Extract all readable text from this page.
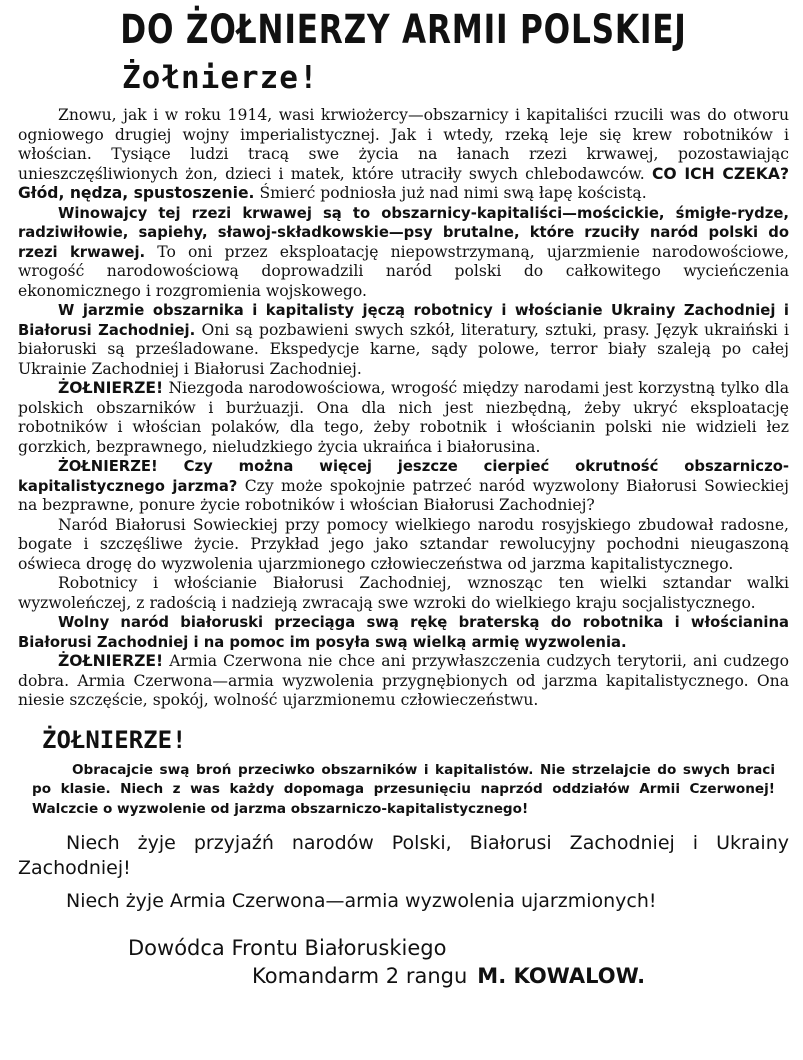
DO ŻOŁNIERZY ARMII POLSKIEJ
Żołnierze!

Znowu, jak i w roku 1914, wasi krwiożercy—obszarnicy i kapitaliści rzucili was do otworu ogniowego drugiej wojny imperialistycznej. Jak i wtedy, rzeką leje się krew robotników i włościan. Tysiące ludzi tracą swe życia na łanach rzezi krwawej, pozostawiając unieszczęśliwionych żon, dzieci i matek, które utraciły swych chlebodawców. CO ICH CZEKA? Głód, nędza, spustoszenie. Śmierć podniosła już nad nimi swą łapę kościstą.

Winowajcy tej rzezi krwawej są to obszarnicy-kapitaliści—mościckie, śmigłe-rydze, radziwiłowie, sapiehy, sławoj-składkowskie—psy brutalne, które rzuciły naród polski do rzezi krwawej. To oni przez eksploatację niepowstrzymaną, ujarzmienie narodowościowe, wrogość narodowościową doprowadzili naród polski do całkowitego wycieńczenia ekonomicznego i rozgromienia wojskowego.

W jarzmie obszarnika i kapitalisty jęczą robotnicy i włościanie Ukrainy Zachodniej i Białorusi Zachodniej. Oni są pozbawieni swych szkół, literatury, sztuki, prasy. Język ukraiński i białoruski są prześladowane. Ekspedycje karne, sądy polowe, terror biały szaleją po całej Ukrainie Zachodniej i Białorusi Zachodniej.

ŻOŁNIERZE! Niezgoda narodowościowa, wrogość między narodami jest korzystną tylko dla polskich obszarników i burżuazji. Ona dla nich jest niezbędną, żeby ukryć eksploatację robotników i włościan polaków, dla tego, żeby robotnik i włościanin polski nie widzieli łez gorzkich, bezprawnego, nieludzkiego życia ukraińca i białorusina.

ŻOŁNIERZE! Czy można więcej jeszcze cierpieć okrutność obszarniczo-kapitalistycznego jarzma? Czy może spokojnie patrzeć naród wyzwolony Białorusi Sowieckiej na bezprawne, ponure życie robotników i włościan Białorusi Zachodniej?

Naród Białorusi Sowieckiej przy pomocy wielkiego narodu rosyjskiego zbudował radosne, bogate i szczęśliwe życie. Przykład jego jako sztandar rewolucyjny pochodni nieugaszoną oświeca drogę do wyzwolenia ujarzmionego człowieczeństwa od jarzma kapitalistycznego.

Robotnicy i włościanie Białorusi Zachodniej, wznosząc ten wielki sztandar walki wyzwoleńczej, z radością i nadzieją zwracają swe wzroki do wielkiego kraju socjalistycznego.

Wolny naród białoruski przeciąga swą rękę braterską do robotnika i włościanina Białorusi Zachodniej i na pomoc im posyła swą wielką armię wyzwolenia.

ŻOŁNIERZE! Armia Czerwona nie chce ani przywłaszczenia cudzych terytorii, ani cudzego dobra. Armia Czerwona—armia wyzwolenia przygnębionych od jarzma kapitalistycznego. Ona niesie szczęście, spokój, wolność ujarzmionemu człowieczeństwu.

ŻOŁNIERZE!

Obracajcie swą broń przeciwko obszarników i kapitalistów. Nie strzelajcie do swych braci po klasie. Niech z was każdy dopomaga przesunięciu naprzód oddziałów Armii Czerwonej! Walczcie o wyzwolenie od jarzma obszarniczo-kapitalistycznego!

Niech żyje przyjaźń narodów Polski, Białorusi Zachodniej i Ukrainy Zachodniej!

Niech żyje Armia Czerwona—armia wyzwolenia ujarzmionych!

Dowódca Frontu Białoruskiego
Komandarm 2 rangu M. KOWALOW.
